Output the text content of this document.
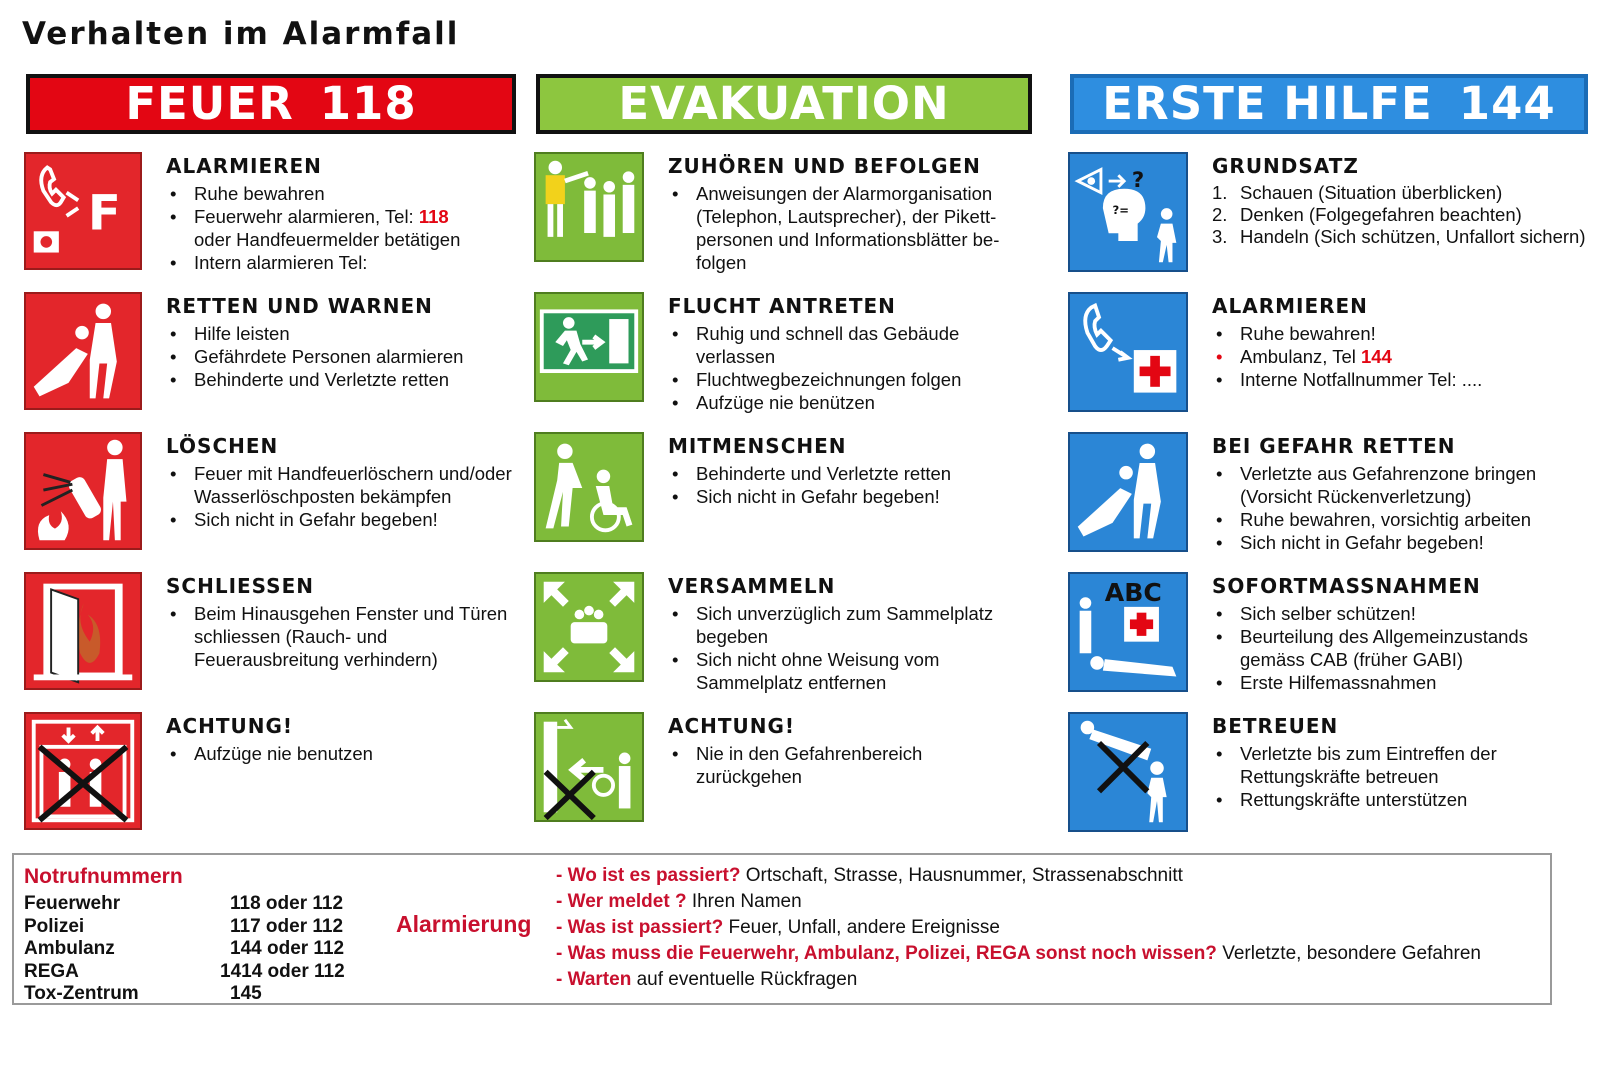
Verhalten im Alarmfall
FEUER 118
F
ALARMIEREN
• Ruhe bewahren
• Feuerwehr alarmieren, Tel: 118
oder Handfeuermelder betätigen
• Intern alarmieren Tel:
RETTEN UND WARNEN
• Hilfe leisten
• Gefährdete Personen alarmieren
• Behinderte und Verletzte retten
LÖSCHEN
• Feuer mit Handfeuerlöschern und/oder Wasserlöschposten bekämpfen
• Sich nicht in Gefahr begeben!
SCHLIESSEN
• Beim Hinausgehen Fenster und Türen schliessen (Rauch- und Feuerausbreitung verhindern)
ACHTUNG!
• Aufzüge nie benutzen
EVAKUATION
ZUHÖREN UND BEFOLGEN
• Anweisungen der Alarmorganisation (Telephon, Lautsprecher), der Pikett-personen und Informationsblätter be-folgen
FLUCHT ANTRETEN
• Ruhig und schnell das Gebäude verlassen
• Fluchtwegbezeichnungen folgen
• Aufzüge nie benützen
MITMENSCHEN
• Behinderte und Verletzte retten
• Sich nicht in Gefahr begeben!
VERSAMMELN
• Sich unverzüglich zum Sammelplatz begeben
• Sich nicht ohne Weisung vom Sammelplatz entfernen
ACHTUNG!
• Nie in den Gefahrenbereich zurückgehen
ERSTE HILFE 144
?
?=
GRUNDSATZ
1. Schauen (Situation überblicken)
2. Denken (Folgegefahren beachten)
3. Handeln (Sich schützen, Unfallort sichern)
ALARMIEREN
• Ruhe bewahren!
• Ambulanz, Tel 144
• Interne Notfallnummer Tel: ....
BEI GEFAHR RETTEN
• Verletzte aus Gefahrenzone bringen (Vorsicht Rückenverletzung)
• Ruhe bewahren, vorsichtig arbeiten
• Sich nicht in Gefahr begeben!
ABC	SOFORTMASSNAHMEN
• Sich selber schützen!
• Beurteilung des Allgemeinzustands gemäss CAB (früher GABI)
• Erste Hilfemassnahmen
BETREUEN
• Verletzte bis zum Eintreffen der Rettungskräfte betreuen
• Rettungskräfte unterstützen
Notrufnummern
Feuerwehr	118 oder 112
Polizei	117 oder 112
Ambulanz	144 oder 112
REGA	1414 oder 112
Tox-Zentrum	145
Alarmierung
- Wo ist es passiert? Ortschaft, Strasse, Hausnummer, Strassenabschnitt
- Wer meldet ? Ihren Namen
- Was ist passiert? Feuer, Unfall, andere Ereignisse
- Was muss die Feuerwehr, Ambulanz, Polizei, REGA sonst noch wissen? Verletzte, besondere Gefahren
- Warten auf eventuelle Rückfragen
